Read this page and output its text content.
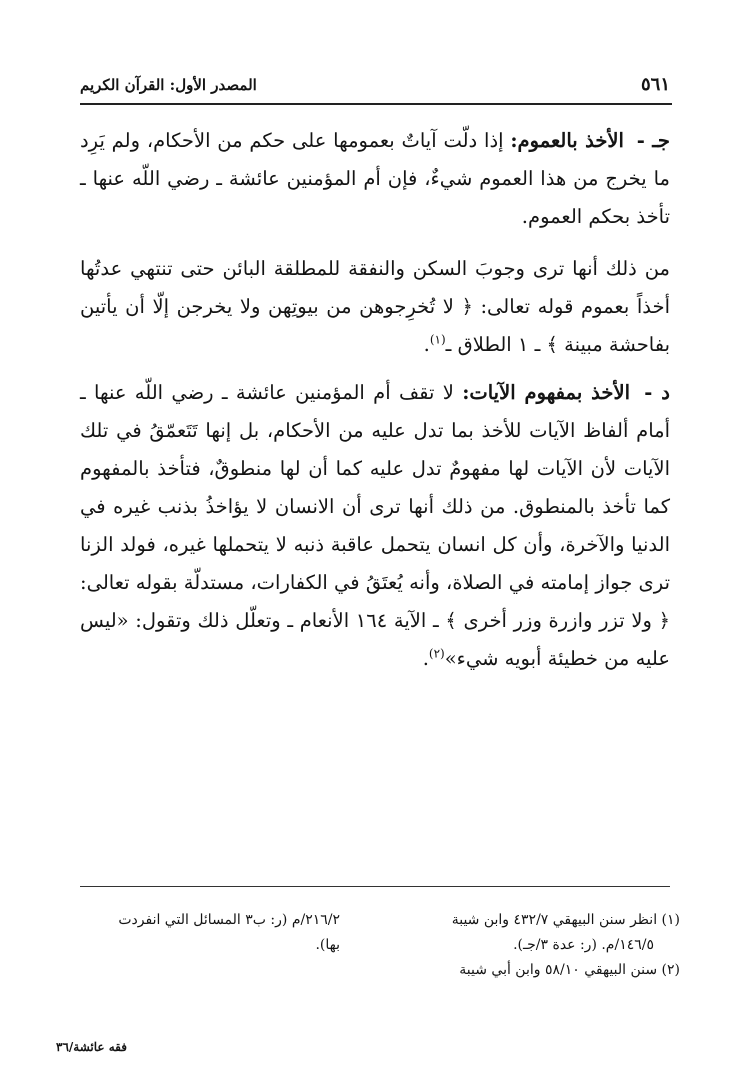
٥٦١
المصدر الأول: القرآن الكريم

جـ - الأخذ بالعموم: إذا دلّت آياتٌ بعمومها على حكم من الأحكام، ولم يَرِد ما يخرج من هذا العموم شيءٌ، فإن أم المؤمنين عائشة ـ رضي اللّه عنها ـ تأخذ بحكم العموم.

من ذلك أنها ترى وجوبَ السكن والنفقة للمطلقة البائن حتى تنتهي عدتُها أخذاً بعموم قوله تعالى: ﴿ لا تُخرِجوهن من بيوتِهن ولا يخرجن إلّا أن يأتين بفاحشة مبينة ﴾ ـ ١ الطلاق ـ$^{(١)}$.

د - الأخذ بمفهوم الآيات: لا تقف أم المؤمنين عائشة ـ رضي اللّه عنها ـ أمام ألفاظ الآيات للأخذ بما تدل عليه من الأحكام، بل إنها تَتَعمّقُ في تلك الآيات لأن الآيات لها مفهومٌ تدل عليه كما أن لها منطوقٌ، فتأخذ بالمفهوم كما تأخذ بالمنطوق. من ذلك أنها ترى أن الانسان لا يؤاخذُ بذنب غيره في الدنيا والآخرة، وأن كل انسان يتحمل عاقبة ذنبه لا يتحملها غيره، فولد الزنا ترى جواز إمامته في الصلاة، وأنه يُعتَقُ في الكفارات، مستدلّة بقوله تعالى: ﴿ ولا تزر وازرة وزر أخرى ﴾ ـ الآية ١٦٤ الأنعام ـ وتعلّل ذلك وتقول: «ليس عليه من خطيئة أبويه شيء»$^{(٢)}$.

(١) انظر سنن البيهقي ٤٣٢/٧ وابن شيبة
١٤٦/٥/م. (ر: عدة ٣/جـ).
(٢) سنن البيهقي ٥٨/١٠ وابن أبي شيبة
٢١٦/٢/م (ر: ب٣ المسائل التي انفردت
بها).
فقه عائشة/٣٦
